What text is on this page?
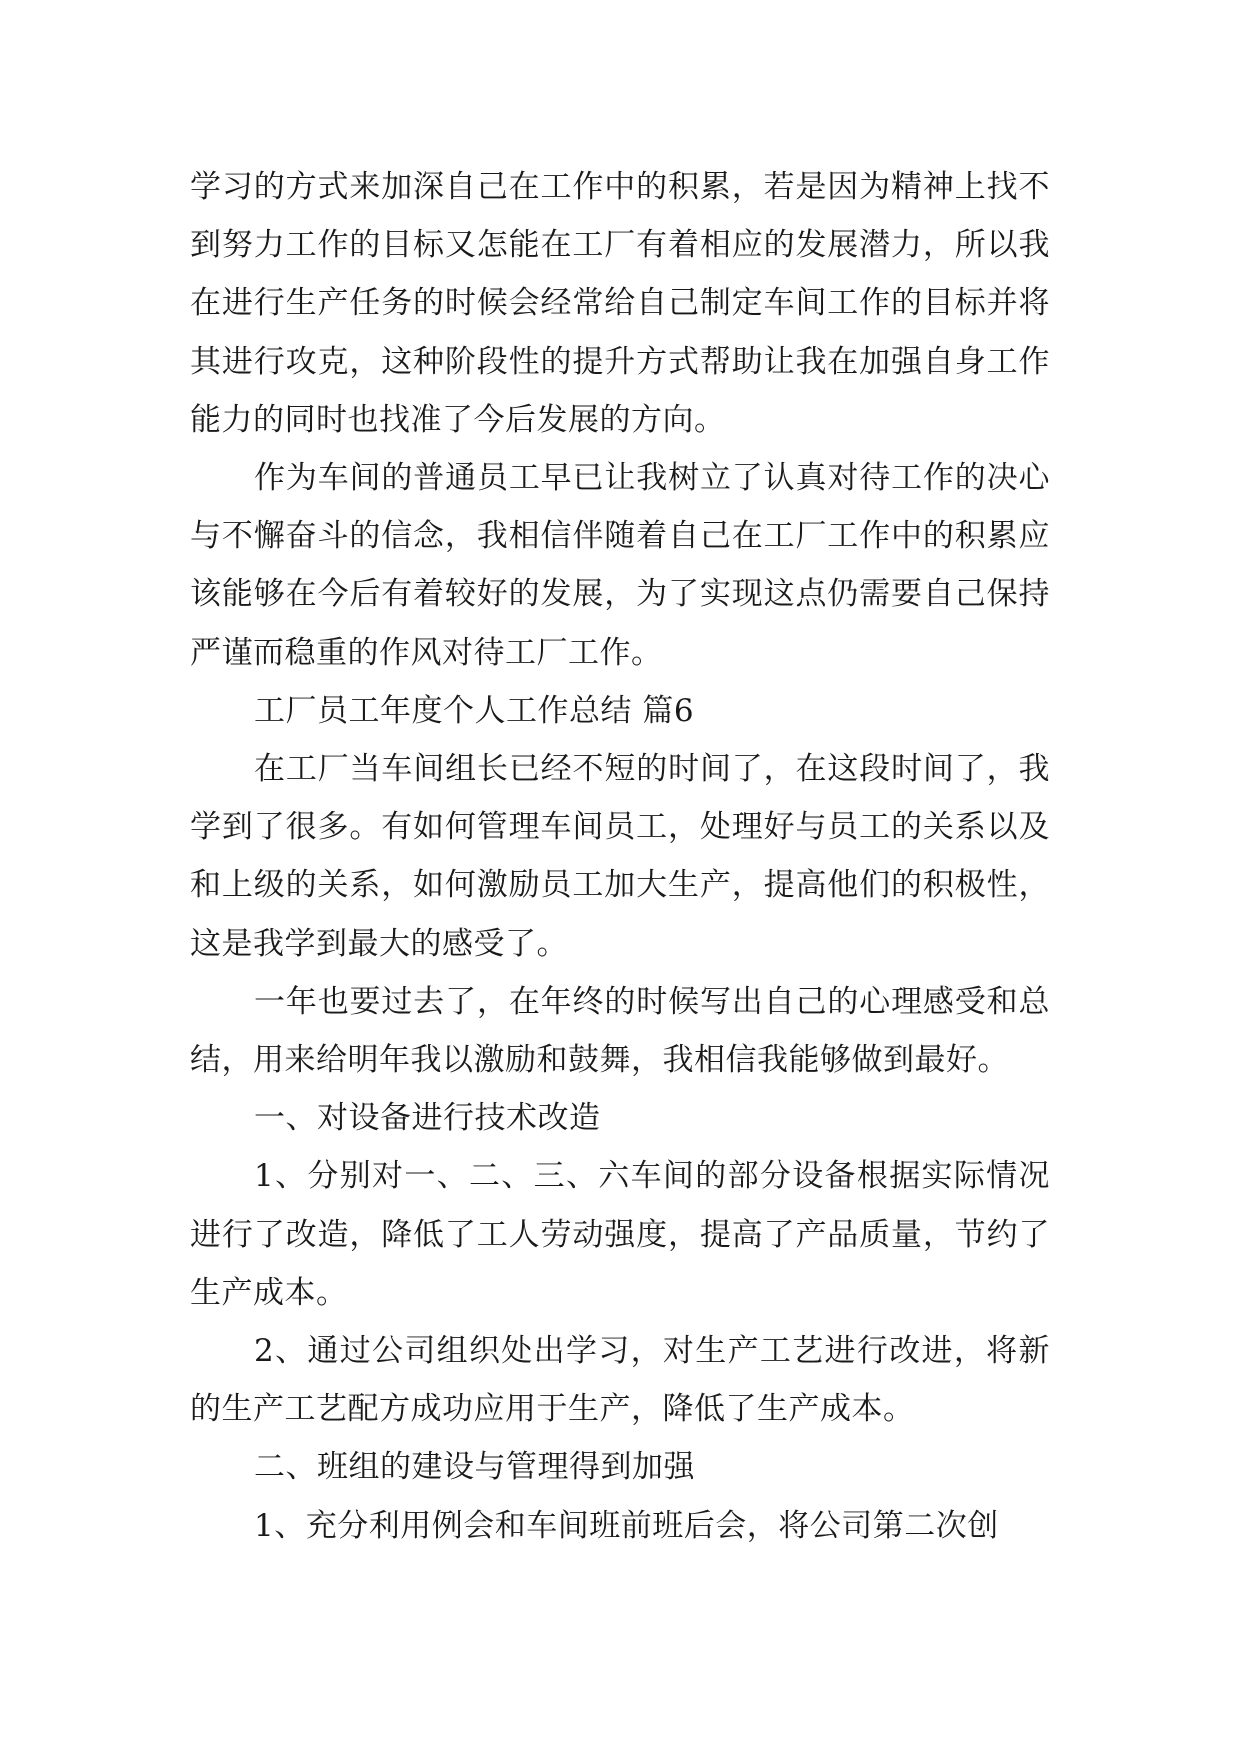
学习的方式来加深自己在工作中的积累，若是因为精神上找不到努力工作的目标又怎能在工厂有着相应的发展潜力，所以我在进行生产任务的时候会经常给自己制定车间工作的目标并将其进行攻克，这种阶段性的提升方式帮助让我在加强自身工作能力的同时也找准了今后发展的方向。

作为车间的普通员工早已让我树立了认真对待工作的决心与不懈奋斗的信念，我相信伴随着自己在工厂工作中的积累应该能够在今后有着较好的发展，为了实现这点仍需要自己保持严谨而稳重的作风对待工厂工作。

工厂员工年度个人工作总结 篇6

在工厂当车间组长已经不短的时间了，在这段时间了，我学到了很多。有如何管理车间员工，处理好与员工的关系以及和上级的关系，如何激励员工加大生产，提高他们的积极性，这是我学到最大的感受了。

一年也要过去了，在年终的时候写出自己的心理感受和总结，用来给明年我以激励和鼓舞，我相信我能够做到最好。

一、对设备进行技术改造

1、分别对一、二、三、六车间的部分设备根据实际情况进行了改造，降低了工人劳动强度，提高了产品质量，节约了生产成本。

2、通过公司组织处出学习，对生产工艺进行改进，将新的生产工艺配方成功应用于生产，降低了生产成本。

二、班组的建设与管理得到加强

1、充分利用例会和车间班前班后会，将公司第二次创
